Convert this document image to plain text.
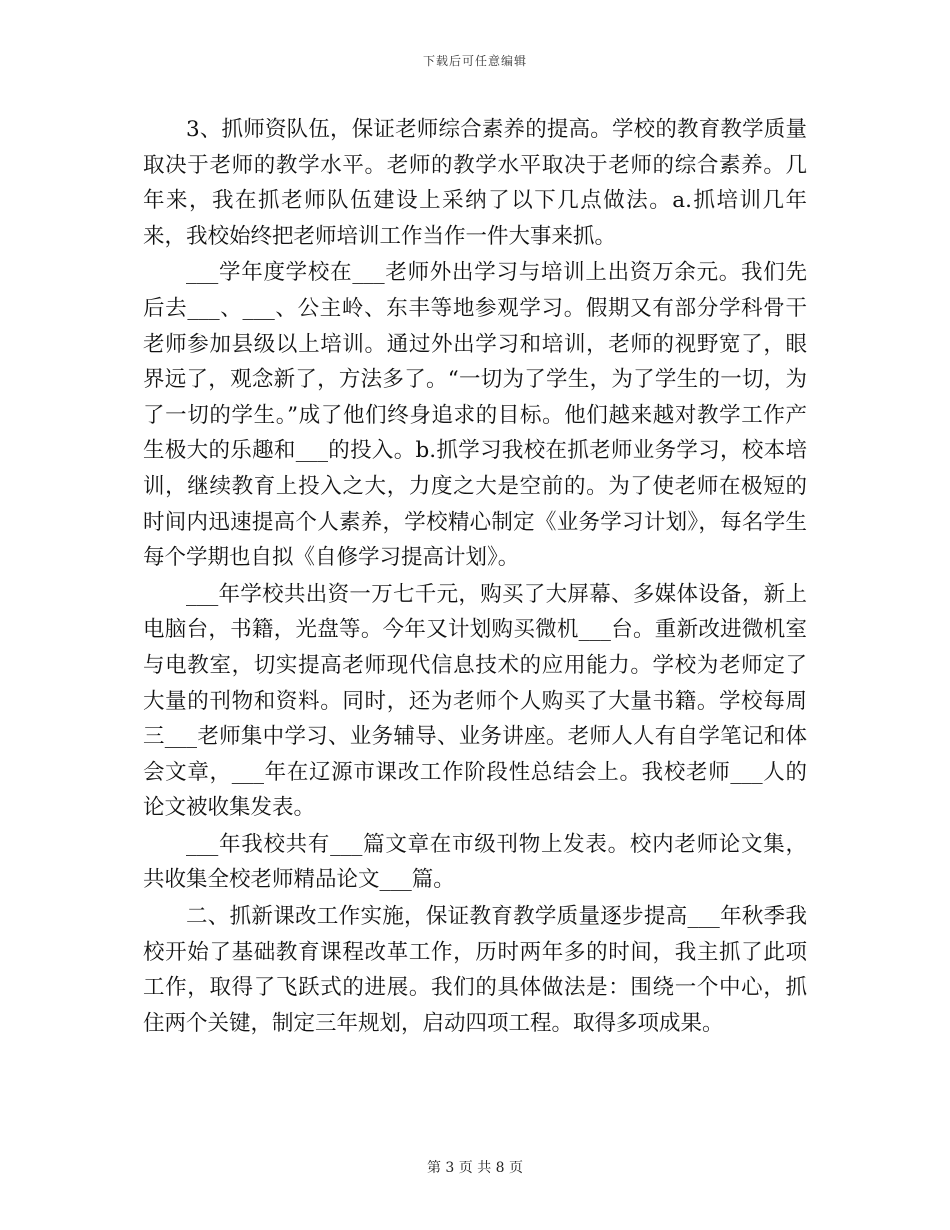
下载后可任意编辑

3、抓师资队伍，保证老师综合素养的提高。学校的教育教学质量取决于老师的教学水平。老师的教学水平取决于老师的综合素养。几年来，我在抓老师队伍建设上采纳了以下几点做法。a.抓培训几年来，我校始终把老师培训工作当作一件大事来抓。

___学年度学校在___老师外出学习与培训上出资万余元。我们先后去___、___、公主岭、东丰等地参观学习。假期又有部分学科骨干老师参加县级以上培训。通过外出学习和培训，老师的视野宽了，眼界远了，观念新了，方法多了。“一切为了学生，为了学生的一切，为了一切的学生。”成了他们终身追求的目标。他们越来越对教学工作产生极大的乐趣和___的投入。b.抓学习我校在抓老师业务学习，校本培训，继续教育上投入之大，力度之大是空前的。为了使老师在极短的时间内迅速提高个人素养，学校精心制定《业务学习计划》，每名学生每个学期也自拟《自修学习提高计划》。

___年学校共出资一万七千元，购买了大屏幕、多媒体设备，新上电脑台，书籍，光盘等。今年又计划购买微机___台。重新改进微机室与电教室，切实提高老师现代信息技术的应用能力。学校为老师定了大量的刊物和资料。同时，还为老师个人购买了大量书籍。学校每周三___老师集中学习、业务辅导、业务讲座。老师人人有自学笔记和体会文章，___年在辽源市课改工作阶段性总结会上。我校老师___人的论文被收集发表。

___年我校共有___篇文章在市级刊物上发表。校内老师论文集，共收集全校老师精品论文___篇。

二、抓新课改工作实施，保证教育教学质量逐步提高___年秋季我校开始了基础教育课程改革工作，历时两年多的时间，我主抓了此项工作，取得了飞跃式的进展。我们的具体做法是：围绕一个中心，抓住两个关键，制定三年规划，启动四项工程。取得多项成果。

第 3 页 共 8 页
